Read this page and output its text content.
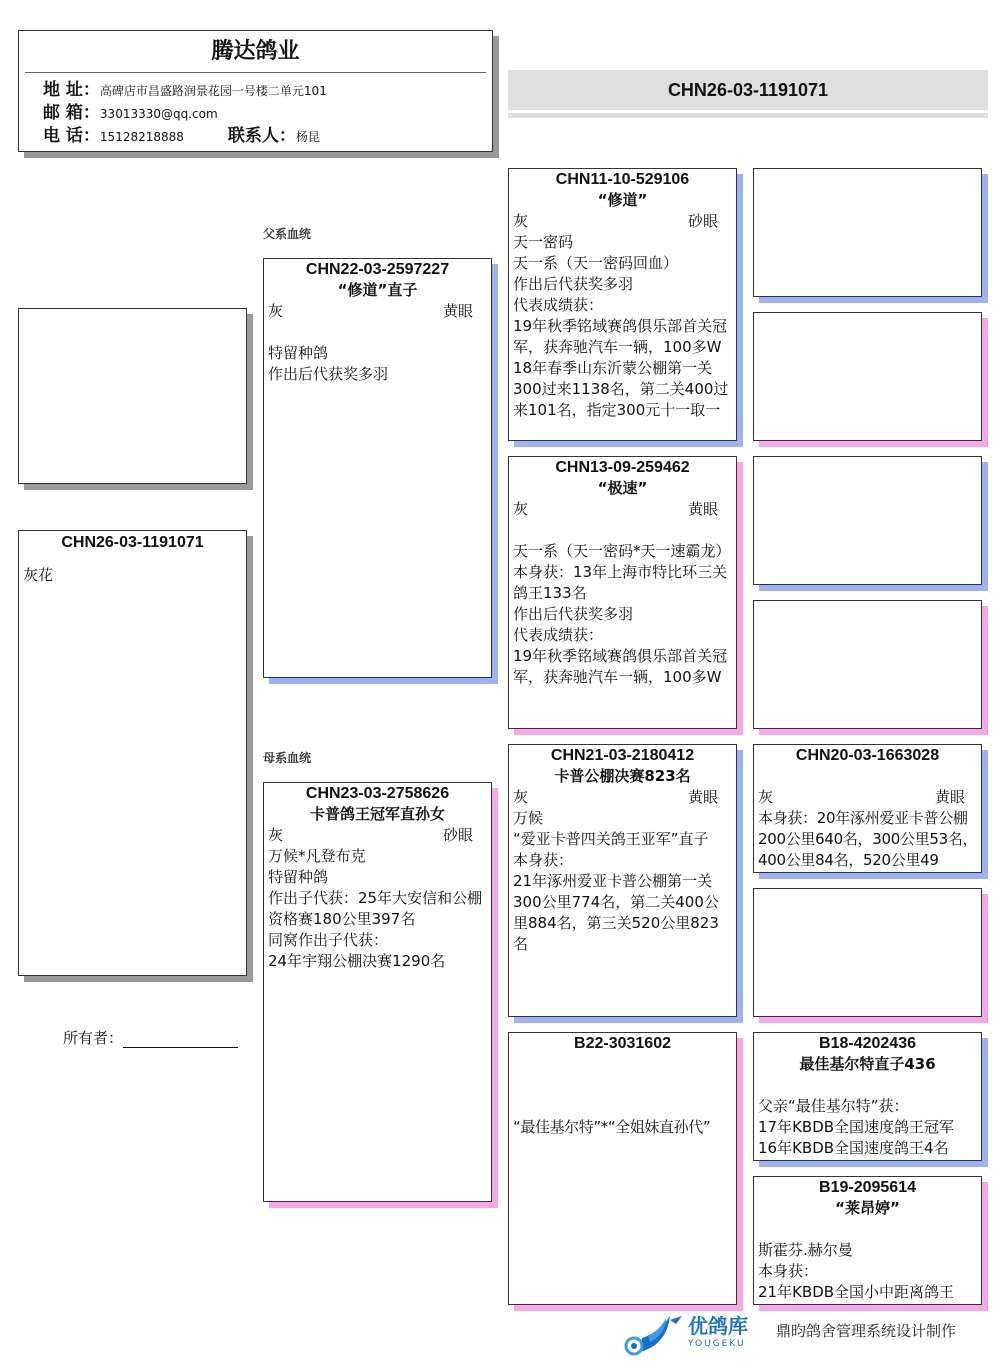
腾达鸽业
地 址：高碑店市昌盛路润景花园一号楼二单元101
邮 箱：33013330@qq.com
电 话：15128218888	联系人：杨昆
CHN26-03-1191071
CHN26-03-1191071
灰花
所有者：
父系血统
母系血统
CHN22-03-2597227
“修道”直子
灰	黄眼
特留种鸽
作出后代获奖多羽
CHN23-03-2758626
卡普鸽王冠军直孙女
灰	砂眼
万候*凡登布克
特留种鸽
作出子代获：25年大安信和公棚资格赛180公里397名
同窝作出子代获：
24年宇翔公棚决赛1290名
CHN11-10-529106
“修道”
灰	砂眼
天一密码
天一系（天一密码回血）
作出后代获奖多羽
代表成绩获：
19年秋季铭域赛鸽俱乐部首关冠军，获奔驰汽车一辆，100多W
18年春季山东沂蒙公棚第一关300过来1138名，第二关400过来101名，指定300元十一取一
CHN13-09-259462
“极速”
灰	黄眼
天一系（天一密码*天一速霸龙）
本身获：13年上海市特比环三关鸽王133名
作出后代获奖多羽
代表成绩获：
19年秋季铭域赛鸽俱乐部首关冠军，获奔驰汽车一辆，100多W
CHN21-03-2180412
卡普公棚决赛823名
灰	黄眼
万候
“爱亚卡普四关鸽王亚军”直子
本身获：
21年涿州爱亚卡普公棚第一关300公里774名，第二关400公里884名，第三关520公里823名
B22-3031602
“最佳基尔特”*“全姐妹直孙代”
CHN20-03-1663028
灰	黄眼
本身获：20年涿州爱亚卡普公棚200公里640名，300公里53名，400公里84名，520公里49
B18-4202436
最佳基尔特直子436
父亲“最佳基尔特”获：
17年KBDB全国速度鸽王冠军
16年KBDB全国速度鸽王4名
B19-2095614
“莱昂婷”
斯霍芬.赫尔曼
本身获：
21年KBDB全国小中距离鸽王
优鸽库
YOUGEKU
鼎昀鸽舍管理系统设计制作
